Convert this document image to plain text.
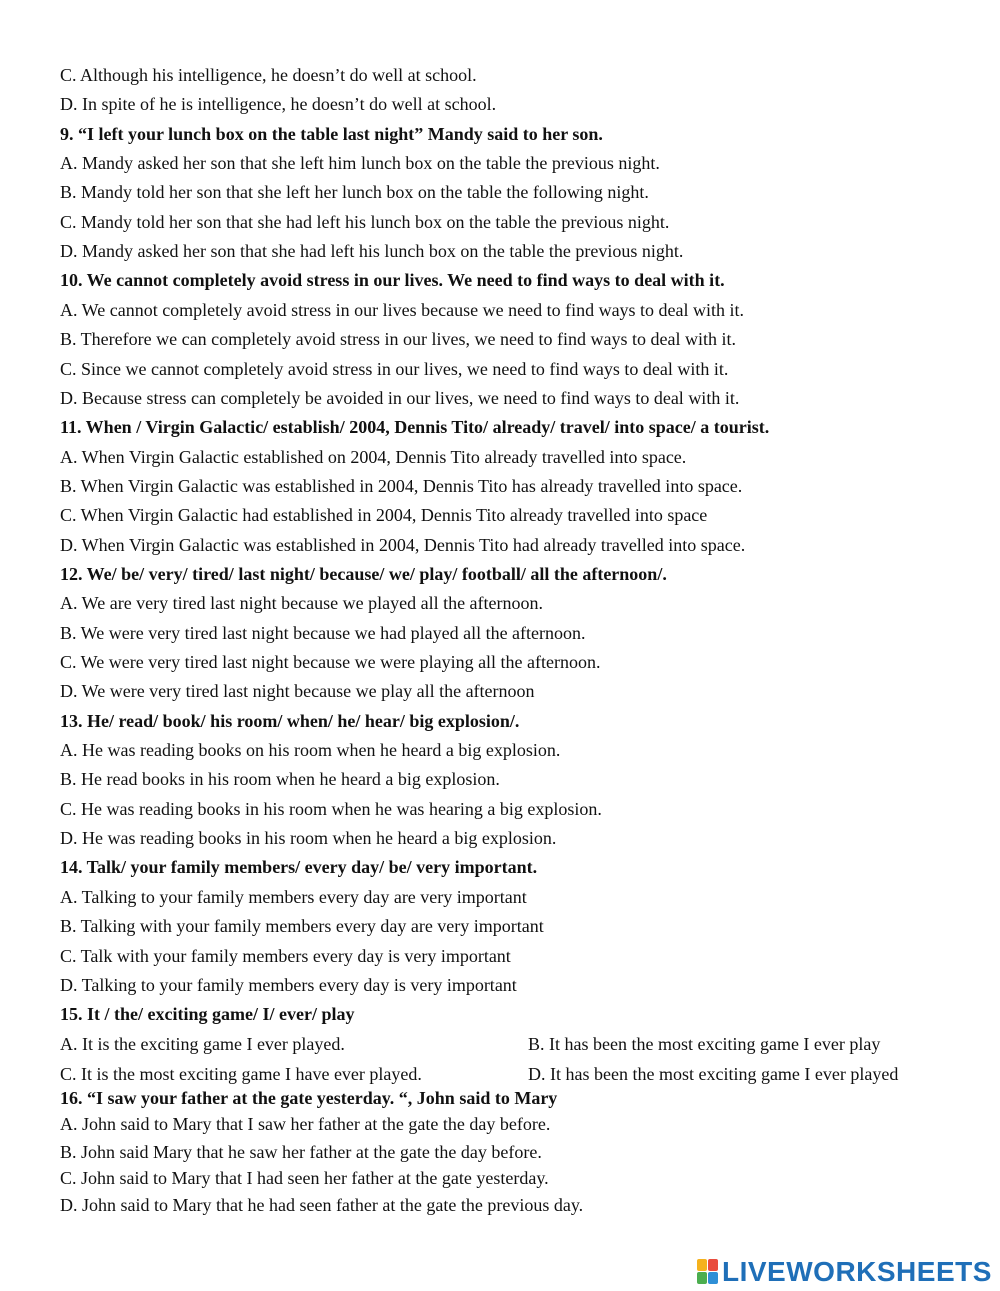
C. Although his intelligence, he doesn’t do well at school.
D. In spite of he is intelligence, he doesn’t do well at school.
9. “I left your lunch box on the table last night” Mandy said to her son.
A. Mandy asked her son that she left him lunch box on the table the previous night.
B. Mandy told her son that she left her lunch box on the table the following night.
C. Mandy told her son that she had left his lunch box on the table the previous night.
D. Mandy asked her son that she had left his lunch box on the table the previous night.
10. We cannot completely avoid stress in our lives. We need to find ways to deal with it.
A. We cannot completely avoid stress in our lives because we need to find ways to deal with it.
B. Therefore we can completely avoid stress in our lives, we need to find ways to deal with it.
C. Since we cannot completely avoid stress in our lives, we need to find ways to deal with it.
D. Because stress can completely be avoided in our lives, we need to find ways to deal with it.
11. When / Virgin Galactic/ establish/ 2004, Dennis Tito/ already/ travel/ into space/ a tourist.
A. When Virgin Galactic established on 2004, Dennis Tito already travelled into space.
B. When Virgin Galactic was established in 2004, Dennis Tito has already travelled into space.
C. When Virgin Galactic had established in 2004, Dennis Tito already travelled into space
D. When Virgin Galactic was established in 2004, Dennis Tito had already travelled into space.
12. We/ be/ very/ tired/ last night/ because/ we/ play/ football/ all the afternoon/.
A. We are very tired last night because we played all the afternoon.
B. We were very tired last night because we had played all the afternoon.
C. We were very tired last night because we were playing all the afternoon.
D. We were very tired last night because we play all the afternoon
13. He/ read/ book/ his room/ when/ he/ hear/ big explosion/.
A. He was reading books on his room when he heard a big explosion.
B. He read books in his room when he heard a big explosion.
C. He was reading books in his room when he was hearing a big explosion.
D. He was reading books in his room when he heard a big explosion.
14. Talk/ your family members/ every day/ be/ very important.
A. Talking to your family members every day are very important
B. Talking with your family members every day are very important
C. Talk with your family members every day is very important
D. Talking to your family members every day is very important
15. It / the/ exciting game/ I/ ever/ play
A. It is the exciting game I ever played.	B. It has been the most exciting game I ever play
C. It is the most exciting game I have ever played.	D. It has been the most exciting game I ever played
16. “I saw your father at the gate yesterday. “, John said to Mary
A. John said to Mary that I saw her father at the gate the day before.
B. John said Mary that he saw her father at the gate the day before.
C. John said to Mary that I had seen her father at the gate yesterday.
D. John said to Mary that he had seen father at the gate the previous day.
LIVEWORKSHEETS
